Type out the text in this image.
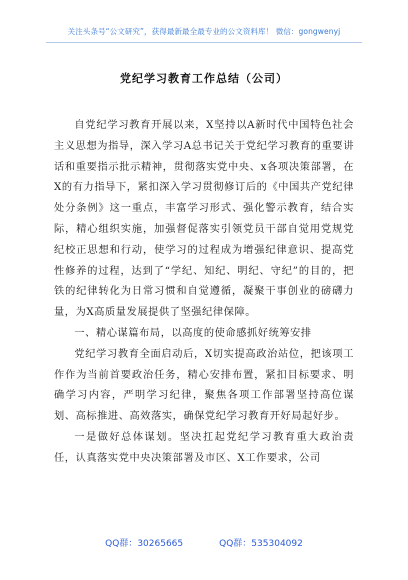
关注头条号“公文研究”，获得最新最全最专业的公文资料库！ 微信：gongwenyj
党纪学习教育工作总结（公司）

自党纪学习教育开展以来，X坚持以A新时代中国特色社会主义思想为指导，深入学习A总书记关于党纪学习教育的重要讲话和重要指示批示精神，贯彻落实党中央、x各项决策部署，在X的有力指导下，紧扣深入学习贯彻修订后的《中国共产党纪律处分条例》这一重点，丰富学习形式、强化警示教育，结合实际，精心组织实施，加强督促落实引领党员干部自觉用党规党纪校正思想和行动，使学习的过程成为增强纪律意识、提高党性修养的过程，达到了“学纪、知纪、明纪、守纪”的目的，把铁的纪律转化为日常习惯和自觉遵循，凝聚干事创业的磅礴力量，为X高质量发展提供了坚强纪律保障。

一、精心谋篇布局，以高度的使命感抓好统筹安排

党纪学习教育全面启动后，X切实提高政治站位，把该项工作作为当前首要政治任务，精心安排布置，紧扣目标要求、明确学习内容，严明学习纪律，聚焦各项工作部署坚持高位谋划、高标推进、高效落实，确保党纪学习教育开好局起好步。

一是做好总体谋划。坚决扛起党纪学习教育重大政治责任，认真落实党中央决策部署及市区、X工作要求，公司

QQ群：30265665	QQ群：535304092
